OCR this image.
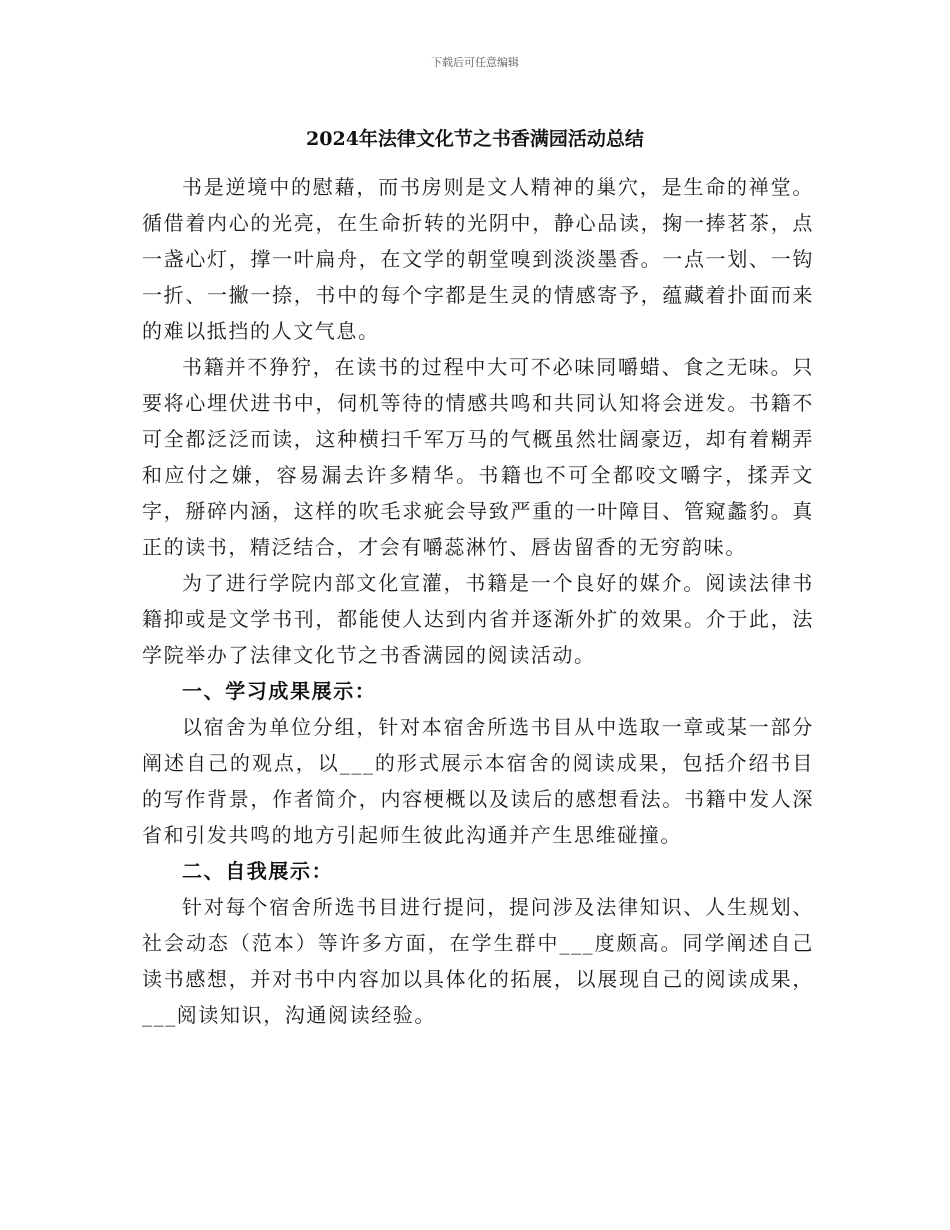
下载后可任意编辑
2024年法律文化节之书香满园活动总结

书是逆境中的慰藉，而书房则是文人精神的巢穴，是生命的禅堂。循借着内心的光亮，在生命折转的光阴中，静心品读，掬一捧茗茶，点一盏心灯，撑一叶扁舟，在文学的朝堂嗅到淡淡墨香。一点一划、一钩一折、一撇一捺，书中的每个字都是生灵的情感寄予，蕴藏着扑面而来的难以抵挡的人文气息。

书籍并不狰狞，在读书的过程中大可不必味同嚼蜡、食之无味。只要将心埋伏进书中，伺机等待的情感共鸣和共同认知将会迸发。书籍不可全都泛泛而读，这种横扫千军万马的气概虽然壮阔豪迈，却有着糊弄和应付之嫌，容易漏去许多精华。书籍也不可全都咬文嚼字，揉弄文字，掰碎内涵，这样的吹毛求疵会导致严重的一叶障目、管窥蠡豹。真正的读书，精泛结合，才会有嚼蕊淋竹、唇齿留香的无穷韵味。

为了进行学院内部文化宣灌，书籍是一个良好的媒介。阅读法律书籍抑或是文学书刊，都能使人达到内省并逐渐外扩的效果。介于此，法学院举办了法律文化节之书香满园的阅读活动。

一、学习成果展示：

以宿舍为单位分组，针对本宿舍所选书目从中选取一章或某一部分阐述自己的观点，以___的形式展示本宿舍的阅读成果，包括介绍书目的写作背景，作者简介，内容梗概以及读后的感想看法。书籍中发人深省和引发共鸣的地方引起师生彼此沟通并产生思维碰撞。

二、自我展示：

针对每个宿舍所选书目进行提问，提问涉及法律知识、人生规划、社会动态（范本）等许多方面，在学生群中___度颇高。同学阐述自己读书感想，并对书中内容加以具体化的拓展，以展现自己的阅读成果，___阅读知识，沟通阅读经验。
